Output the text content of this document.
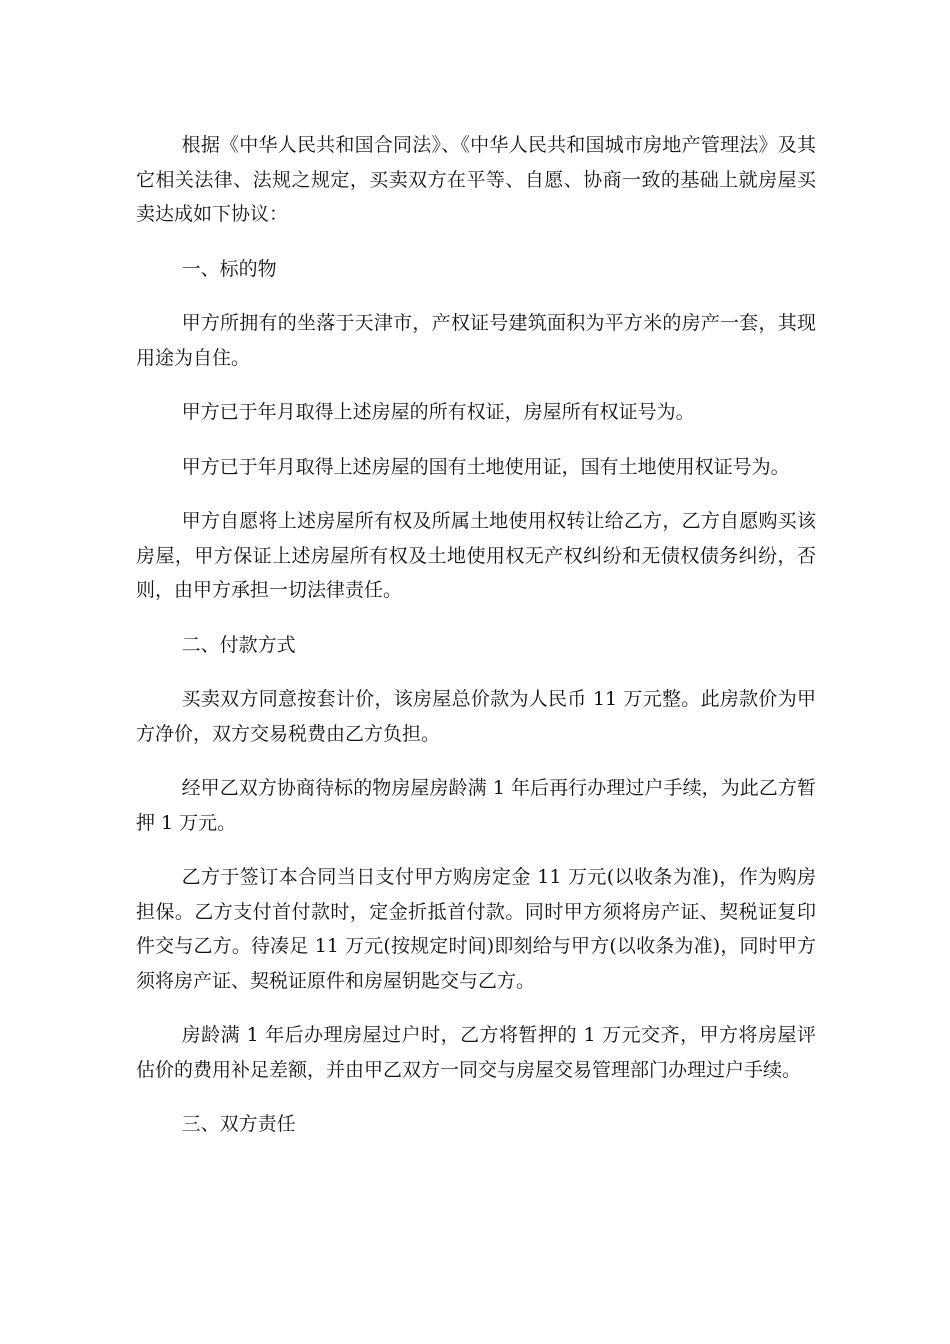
根据《中华人民共和国合同法》、《中华人民共和国城市房地产管理法》及其它相关法律、法规之规定，买卖双方在平等、自愿、协商一致的基础上就房屋买卖达成如下协议：

一、标的物

甲方所拥有的坐落于天津市，产权证号建筑面积为平方米的房产一套，其现用途为自住。

甲方已于年月取得上述房屋的所有权证，房屋所有权证号为。

甲方已于年月取得上述房屋的国有土地使用证，国有土地使用权证号为。

甲方自愿将上述房屋所有权及所属土地使用权转让给乙方，乙方自愿购买该房屋，甲方保证上述房屋所有权及土地使用权无产权纠纷和无债权债务纠纷，否则，由甲方承担一切法律责任。

二、付款方式

买卖双方同意按套计价，该房屋总价款为人民币 11 万元整。此房款价为甲方净价，双方交易税费由乙方负担。

经甲乙双方协商待标的物房屋房龄满 1 年后再行办理过户手续，为此乙方暂押 1 万元。

乙方于签订本合同当日支付甲方购房定金 11 万元(以收条为准)，作为购房担保。乙方支付首付款时，定金折抵首付款。同时甲方须将房产证、契税证复印件交与乙方。待凑足 11 万元(按规定时间)即刻给与甲方(以收条为准)，同时甲方须将房产证、契税证原件和房屋钥匙交与乙方。

房龄满 1 年后办理房屋过户时，乙方将暂押的 1 万元交齐，甲方将房屋评估价的费用补足差额，并由甲乙双方一同交与房屋交易管理部门办理过户手续。

三、双方责任
